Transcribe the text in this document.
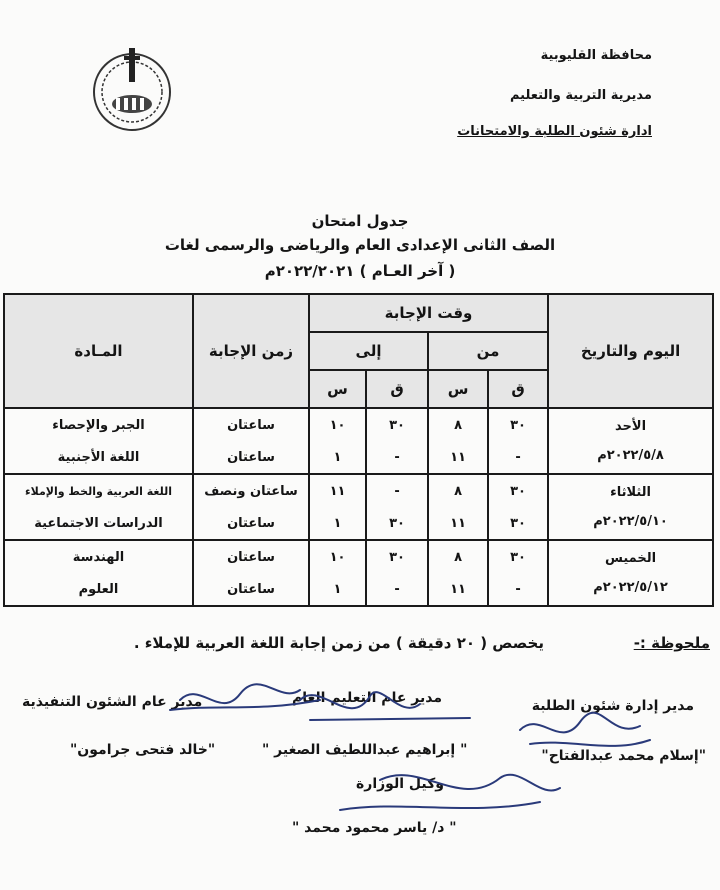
محافظة القليوبية
مديرية التربية والتعليم
ادارة شئون الطلبة والامتحانات
جدول امتحان
الصف الثانى الإعدادى العام والرياضى والرسمى لغات
( آخر العـام ) ٢٠٢٢/٢٠٢١م
اليوم والتاريخ	وقت الإجابة				زمن الإجابة	المـادة
	من		إلى			
	ق	س	ق	س		

الأحد
٢٠٢٢/٥/٨م	٣٠	٨	٣٠	١٠	ساعتان	الجبر والإحصاء
	-	١١	-	١	ساعتان	اللغة الأجنبية

الثلاثاء
٢٠٢٢/٥/١٠م	٣٠	٨	-	١١	ساعتان ونصف	اللغة العربية والخط والإملاء
	٣٠	١١	٣٠	١	ساعتان	الدراسات الاجتماعية

الخميس
٢٠٢٢/٥/١٢م	٣٠	٨	٣٠	١٠	ساعتان	الهندسة
	-	١١	-	١	ساعتان	العلوم
ملحوظة :-
يخصص ( ٢٠ دقيقة ) من زمن إجابة اللغة العربية للإملاء .
مدير إدارة شئون الطلبة
مدير عام التعليم العام
مدير عام الشئون التنفيذية
"إسلام محمد عبدالفتاح"
" إبراهيم عبداللطيف الصغير "
"خالد فتحى جرامون"
وكيل الوزارة
" د/ ياسر محمود محمد "
